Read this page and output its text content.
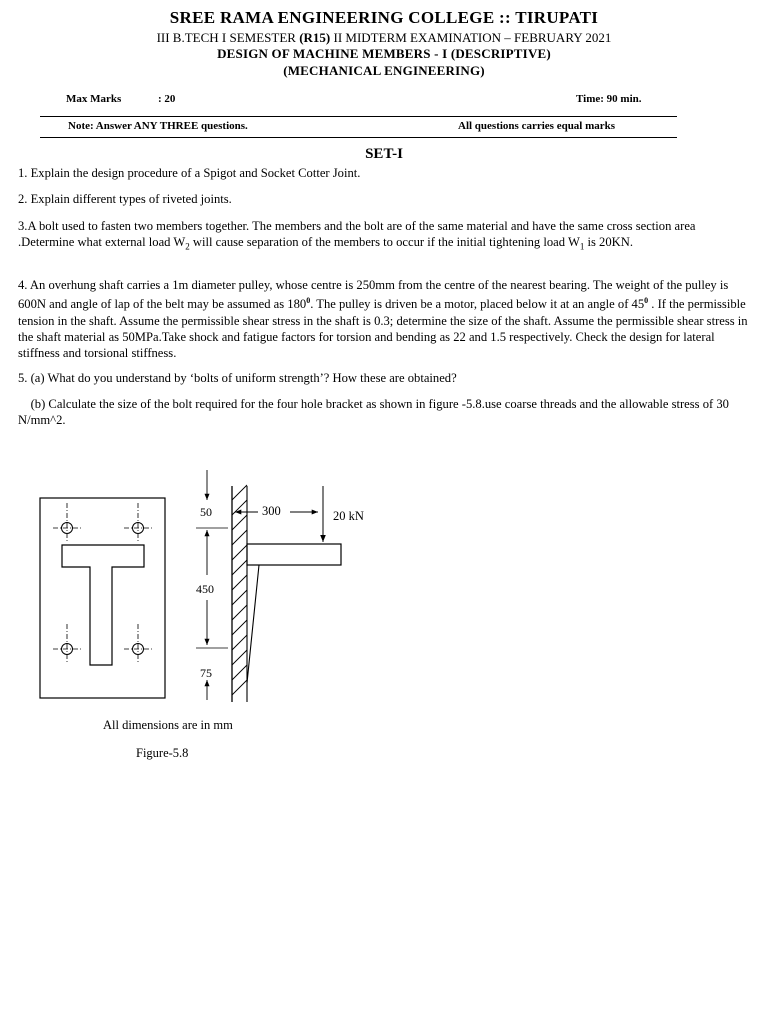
SREE RAMA ENGINEERING COLLEGE :: TIRUPATI
III B.TECH I SEMESTER (R15) II MIDTERM EXAMINATION – FEBRUARY 2021
DESIGN OF MACHINE MEMBERS - I (DESCRIPTIVE)
(MECHANICAL ENGINEERING)
Max Marks	: 20	Time: 90 min.
Note: Answer ANY THREE questions.	All questions carries equal marks
SET-I
1. Explain the design procedure of a Spigot and Socket Cotter Joint.
2. Explain different types of riveted joints.
3.A bolt used to fasten two members together. The members and the bolt are of the same material and have the same cross section area .Determine what external load $W_2$ will cause separation of the members to occur if the initial tightening load $W_1$ is 20KN.
4. An overhung shaft carries a 1m diameter pulley, whose centre is 250mm from the centre of the nearest bearing. The weight of the pulley is 600N and angle of lap of the belt may be assumed as $180^0$. The pulley is driven be a motor, placed below it at an angle of $45^0$ . If the permissible tension in the shaft. Assume the permissible shear stress in the shaft is 0.3; determine the size of the shaft. Assume the permissible shear stress in the shaft material as 50MPa.Take shock and fatigue factors for torsion and bending as 22 and 1.5 respectively. Check the design for lateral stiffness and torsional stiffness.
5. (a) What do you understand by ‘bolts of uniform strength’? How these are obtained?
(b) Calculate the size of the bolt required for the four hole bracket as shown in figure -5.8.use coarse threads and the allowable stress of 30 N/mm^2.
50	300	20 kN
450
75
All dimensions are in mm
Figure-5.8
